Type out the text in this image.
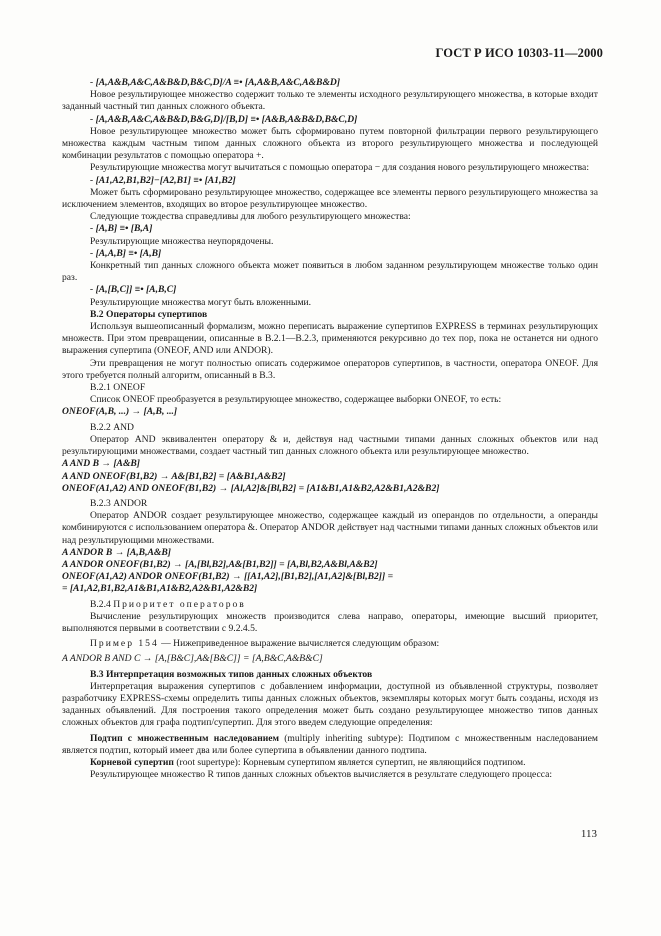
ГОСТ Р ИСО 10303-11—2000

- [A,A&B,A&C,A&B&D,B&C,D]/A ≡• [A,A&B,A&C,A&B&D]

Новое результирующее множество содержит только те элементы исходного результирующего множества, в которые входит заданный частный тип данных сложного объекта.

- [A,A&B,A&C,A&B&D,B&G,D]/[B,D] ≡• [A&B,A&B&D,B&C,D]

Новое результирующее множество может быть сформировано путем повторной фильтрации первого результирующего множества каждым частным типом данных сложного объекта из второго результирующего множества и последующей комбинации результатов с помощью оператора +.

Результирующие множества могут вычитаться с помощью оператора − для создания нового результирующего множества:

- [A1,A2,B1,B2]−[A2,B1] ≡• [A1,B2]

Может быть сформировано результирующее множество, содержащее все элементы первого результирующего множества за исключением элементов, входящих во второе результирующее множество.

Следующие тождества справедливы для любого результирующего множества:

- [A,B] ≡• [B,A]

Результирующие множества неупорядочены.

- [A,A,B] ≡• [A,B]

Конкретный тип данных сложного объекта может появиться в любом заданном результирующем множестве только один раз.

- [A,[B,C]] ≡• [A,B,C]

Результирующие множества могут быть вложенными.

В.2 Операторы супертипов

Используя вышеописанный формализм, можно переписать выражение супертипов EXPRESS в терминах результирующих множеств. При этом превращении, описанные в В.2.1—В.2.3, применяются рекурсивно до тех пор, пока не останется ни одного выражения супертипа (ONEOF, AND или ANDOR).

Эти превращения не могут полностью описать содержимое операторов супертипов, в частности, оператора ONEOF. Для этого требуется полный алгоритм, описанный в В.3.

В.2.1 ONEOF

Список ONEOF преобразуется в результирующее множество, содержащее выборки ONEOF, то есть:

ONEOF(A,B, ...) → [A,B, ...]

В.2.2 AND

Оператор AND эквивалентен оператору & и, действуя над частными типами данных сложных объектов или над результирующими множествами, создает частный тип данных сложного объекта или результирующее множество.

A AND B → [A&B]

A AND ONEOF(B1,B2) → A&[B1,B2] = [A&B1,A&B2]

ONEOF(A1,A2) AND ONEOF(B1,B2) → [Al,A2]&[Bl,B2] = [A1&B1,A1&B2,A2&B1,A2&B2]

В.2.3 ANDOR

Оператор ANDOR создает результирующее множество, содержащее каждый из операндов по отдельности, а операнды комбинируются с использованием оператора &. Оператор ANDOR действует над частными типами данных сложных объектов или над результирующими множествами.

A ANDOR B → [A,B,A&B]

A ANDOR ONEOF(B1,B2) → [A,[Bl,B2],A&[B1,B2]] = [A,Bl,B2,A&Bl,A&B2]

ONEOF(A1,A2) ANDOR ONEOF(B1,B2) → [[A1,A2],[B1,B2],[A1,A2]&[Bl,B2]] =

= [A1,A2,B1,B2,A1&B1,A1&B2,A2&B1,A2&B2]

В.2.4 Приоритет операторов

Вычисление результирующих множеств производится слева направо, операторы, имеющие высший приоритет, выполняются первыми в соответствии с 9.2.4.5.

Пример 154 — Нижеприведенное выражение вычисляется следующим образом:

A ANDOR B AND C → [A,[B&C],A&[B&C]] = [A,B&C,A&B&C]

В.3 Интерпретация возможных типов данных сложных объектов

Интерпретация выражения супертипов с добавлением информации, доступной из объявленной структуры, позволяет разработчику EXPRESS-схемы определить типы данных сложных объектов, экземпляры которых могут быть созданы, исходя из заданных объявлений. Для построения такого определения может быть создано результирующее множество типов данных сложных объектов для графа подтип/супертип. Для этого введем следующие определения:

Подтип с множественным наследованием (multiply inheriting subtype): Подтипом с множественным наследованием является подтип, который имеет два или более супертипа в объявлении данного подтипа.

Корневой супертип (root supertype): Корневым супертипом является супертип, не являющийся подтипом.

Результирующее множество R типов данных сложных объектов вычисляется в результате следующего процесса:

113
